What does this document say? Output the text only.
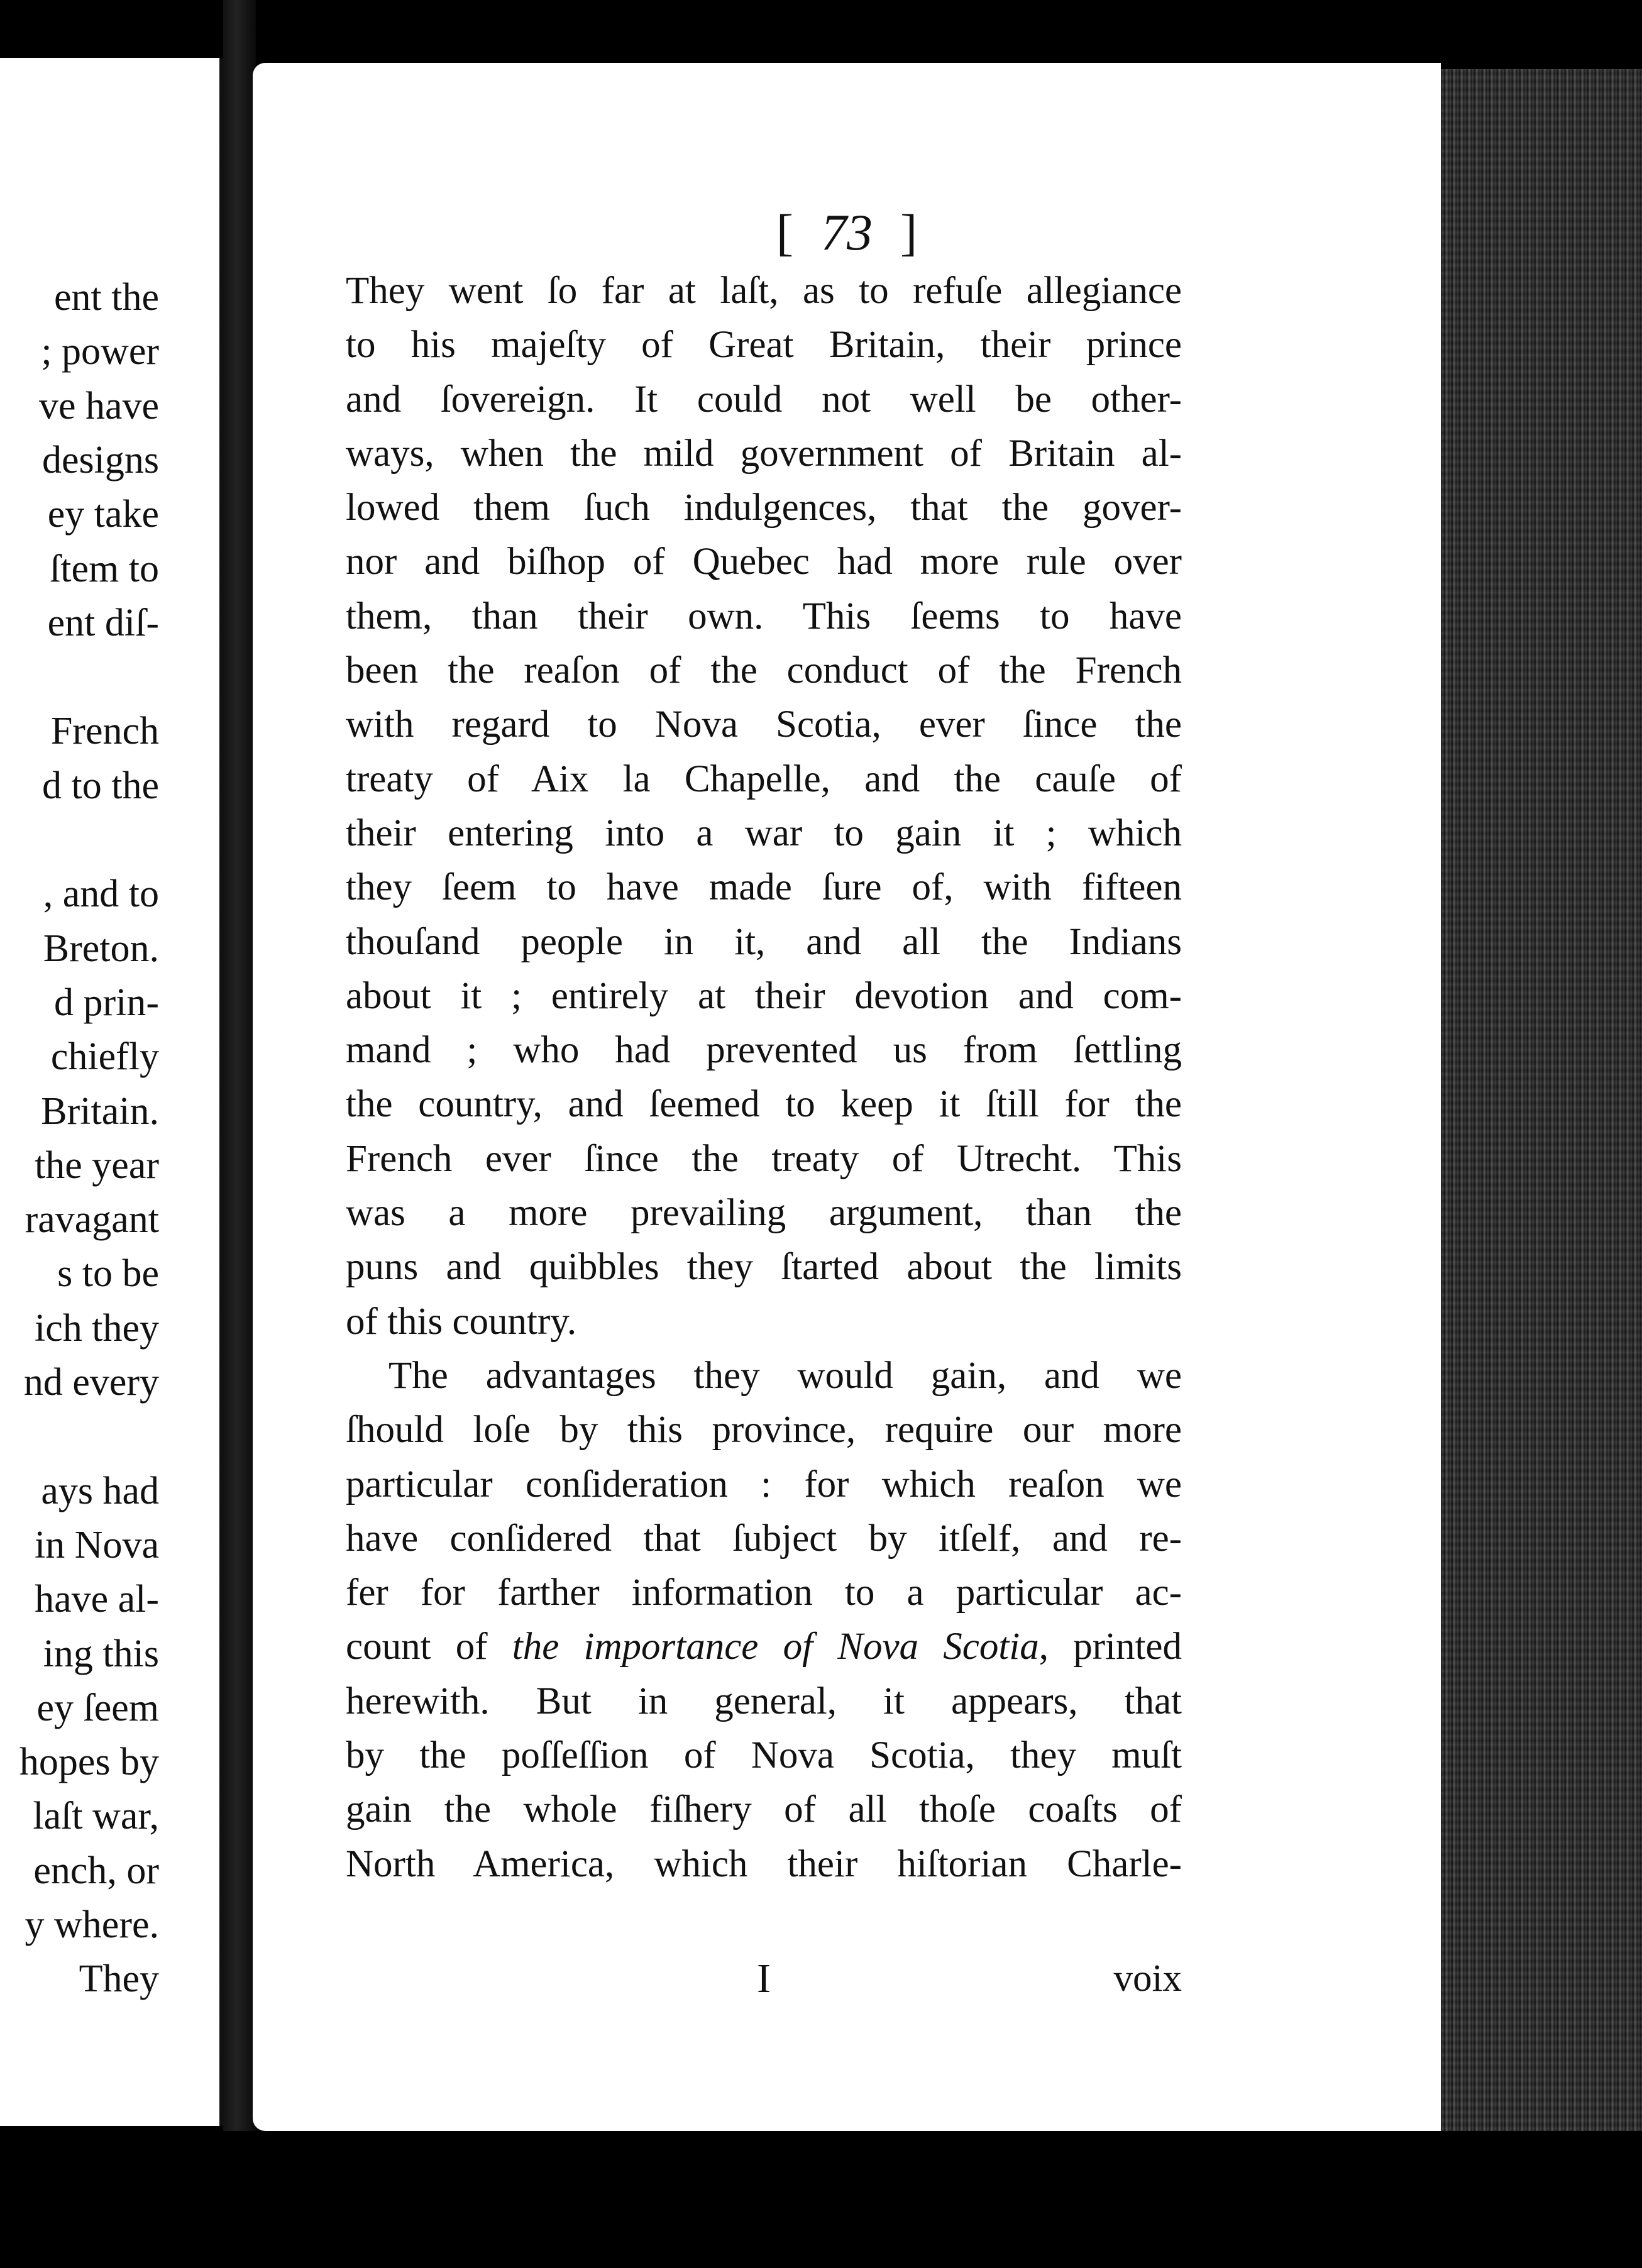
ent the
; power
ve have
designs
ey take
ſtem to
ent diſ-
French
d to the
, and to
Breton.
d prin-
chiefly
Britain.
the year
ravagant
s to be
ich they
nd every
ays had
in Nova
have al-
ing this
ey ſeem
hopes by
laſt war,
ench, or
y where.
They
[ 73 ]
They went ſo far at laſt, as to refuſe allegiance
to his majeſty of Great Britain, their prince
and ſovereign. It could not well be other-
ways, when the mild government of Britain al-
lowed them ſuch indulgences, that the gover-
nor and biſhop of Quebec had more rule over
them, than their own. This ſeems to have
been the reaſon of the conduct of the French
with regard to Nova Scotia, ever ſince the
treaty of Aix la Chapelle, and the cauſe of
their entering into a war to gain it ; which
they ſeem to have made ſure of, with fifteen
thouſand people in it, and all the Indians
about it ; entirely at their devotion and com-
mand ; who had prevented us from ſettling
the country, and ſeemed to keep it ſtill for the
French ever ſince the treaty of Utrecht. This
was a more prevailing argument, than the
puns and quibbles they ſtarted about the limits
of this country.
The advantages they would gain, and we
ſhould loſe by this province, require our more
particular conſideration : for which reaſon we
have conſidered that ſubject by itſelf, and re-
fer for farther information to a particular ac-
count of the importance of Nova Scotia, printed
herewith. But in general, it appears, that
by the poſſeſſion of Nova Scotia, they muſt
gain the whole fiſhery of all thoſe coaſts of
North America, which their hiſtorian Charle-
I	voix
